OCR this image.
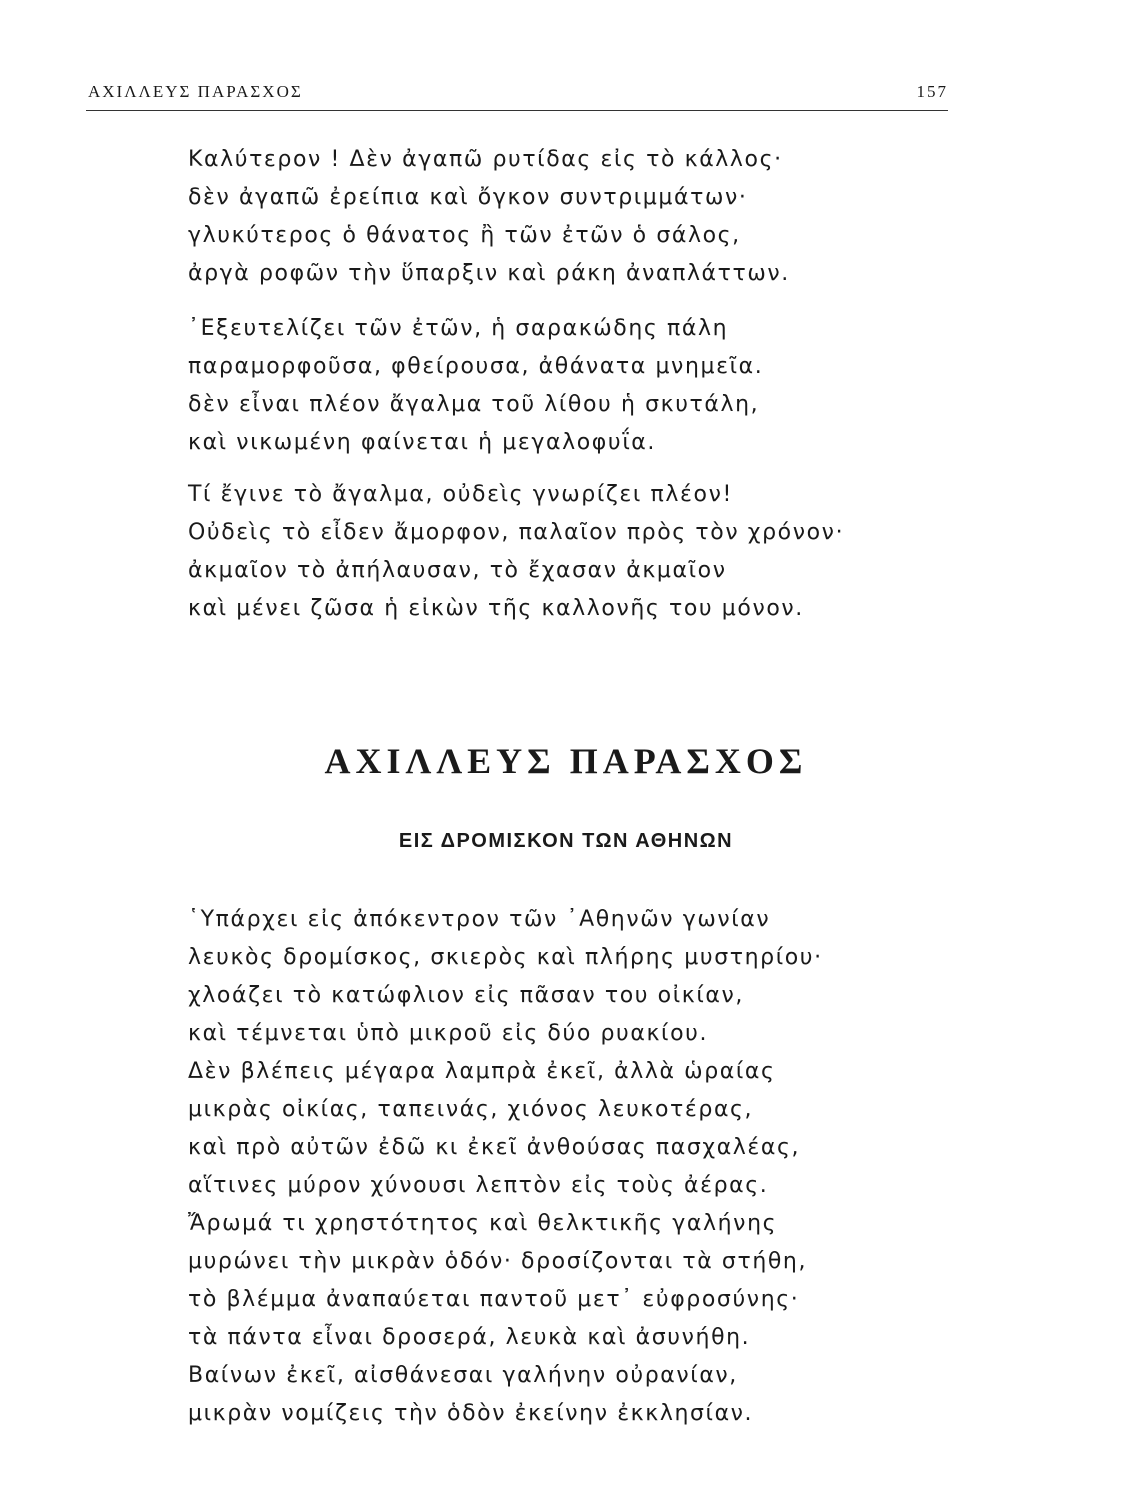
ΑΧΙΛΛΕΥΣ ΠΑΡΑΣΧΟΣ	157
Καλύτερον ! Δὲν ἀγαπῶ ρυτίδας εἰς τὸ κάλλος·
δὲν ἀγαπῶ ἐρείπια καὶ ὄγκον συντριμμάτων·
γλυκύτερος ὁ θάνατος ἢ τῶν ἐτῶν ὁ σάλος,
ἀργὰ ροφῶν τὴν ὕπαρξιν καὶ ράκη ἀναπλάττων.
᾿Εξευτελίζει τῶν ἐτῶν, ἡ σαρακώδης πάλη
παραμορφοῦσα, φθείρουσα, ἀθάνατα μνημεῖα.
δὲν εἶναι πλέον ἄγαλμα τοῦ λίθου ἡ σκυτάλη,
καὶ νικωμένη φαίνεται ἡ μεγαλοφυΐα.
Τί ἔγινε τὸ ἄγαλμα, οὐδεὶς γνωρίζει πλέον!
Οὐδεὶς τὸ εἶδεν ἄμορφον, παλαῖον πρὸς τὸν χρόνον·
ἀκμαῖον τὸ ἀπήλαυσαν, τὸ ἔχασαν ἀκμαῖον
καὶ μένει ζῶσα ἡ εἰκὼν τῆς καλλονῆς του μόνον.
ΑΧΙΛΛΕΥΣ ΠΑΡΑΣΧΟΣ
ΕΙΣ ΔΡΟΜΙΣΚΟΝ ΤΩΝ ΑΘΗΝΩΝ
῾Υπάρχει εἰς ἀπόκεντρον τῶν ᾿Αθηνῶν γωνίαν
λευκὸς δρομίσκος, σκιερὸς καὶ πλήρης μυστηρίου·
χλοάζει τὸ κατώφλιον εἰς πᾶσαν του οἰκίαν,
καὶ τέμνεται ὑπὸ μικροῦ εἰς δύο ρυακίου.
Δὲν βλέπεις μέγαρα λαμπρὰ ἐκεῖ, ἀλλὰ ὡραίας
μικρὰς οἰκίας, ταπεινάς, χιόνος λευκοτέρας,
καὶ πρὸ αὐτῶν ἐδῶ κι ἐκεῖ ἀνθούσας πασχαλέας,
αἵτινες μύρον χύνουσι λεπτὸν εἰς τοὺς ἀέρας.
Ἄρωμά τι χρηστότητος καὶ θελκτικῆς γαλήνης
μυρώνει τὴν μικρὰν ὁδόν· δροσίζονται τὰ στήθη,
τὸ βλέμμα ἀναπαύεται παντοῦ μετ᾿ εὐφροσύνης·
τὰ πάντα εἶναι δροσερά, λευκὰ καὶ ἀσυνήθη.
Βαίνων ἐκεῖ, αἰσθάνεσαι γαλήνην οὐρανίαν,
μικρὰν νομίζεις τὴν ὁδὸν ἐκείνην ἐκκλησίαν.
